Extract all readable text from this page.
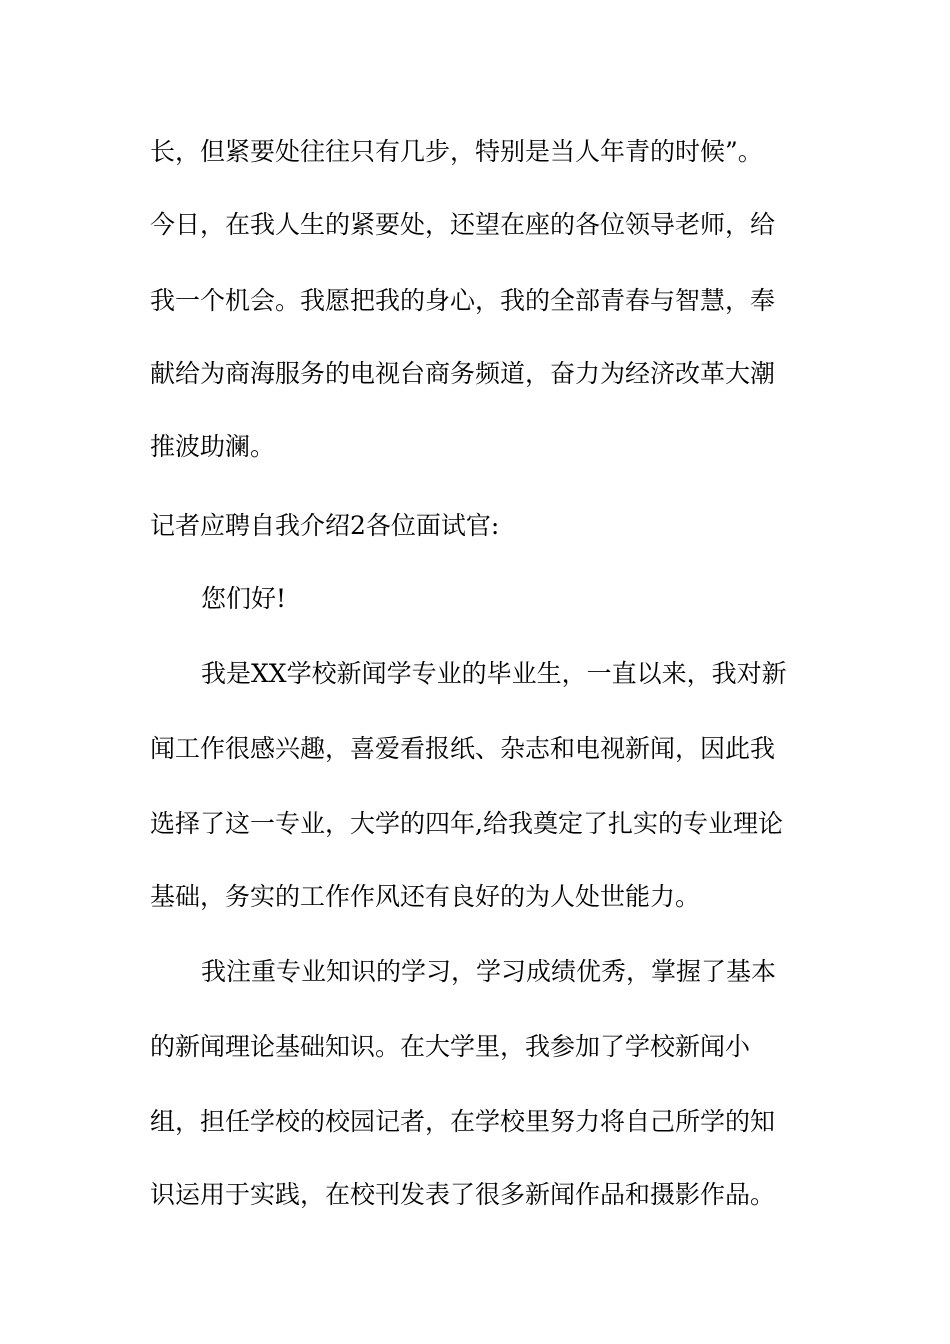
长，但紧要处往往只有几步，特别是当人年青的时候”。
今日，在我人生的紧要处，还望在座的各位领导老师，给
我一个机会。我愿把我的身心，我的全部青春与智慧，奉
献给为商海服务的电视台商务频道，奋力为经济改革大潮
推波助澜。
记者应聘自我介绍2各位面试官:
您们好!
我是XX学校新闻学专业的毕业生，一直以来，我对新
闻工作很感兴趣，喜爱看报纸、杂志和电视新闻，因此我
选择了这一专业，大学的四年,给我奠定了扎实的专业理论
基础，务实的工作作风还有良好的为人处世能力。
我注重专业知识的学习，学习成绩优秀，掌握了基本
的新闻理论基础知识。在大学里，我参加了学校新闻小
组，担任学校的校园记者，在学校里努力将自己所学的知
识运用于实践，在校刊发表了很多新闻作品和摄影作品。
